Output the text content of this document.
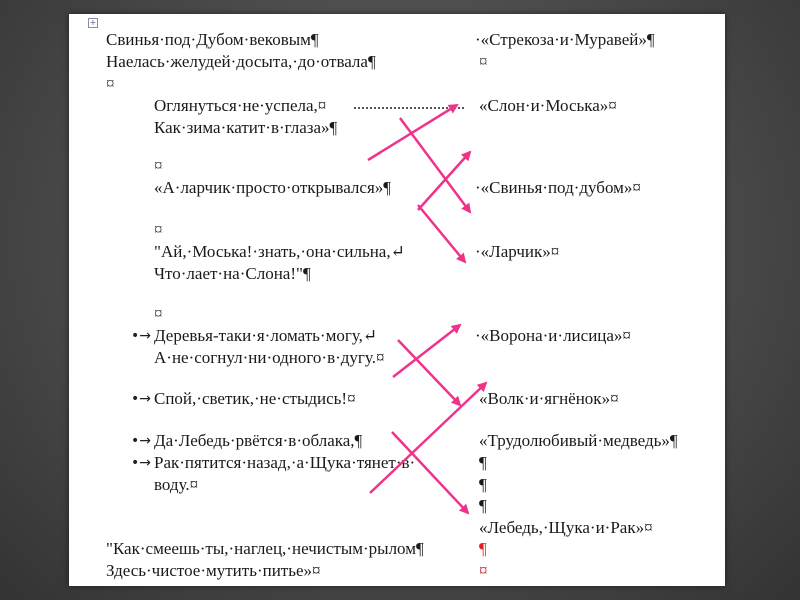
+
Свинья·под·Дубом·вековым¶
Наелась·желудей·досыта,·до·отвала¶
¤
Оглянуться·не·успела,¤
Как·зима·катит·в·глаза»¶
¤
«А·ларчик·просто·открывался»¶
¤
"Ай,·Моська!·знать,·она·сильна,↵
Что·лает·на·Слона!"¶
¤
•→ Деревья-таки·я·ломать·могу,↵
А·не·согнул·ни·одного·в·дугу.¤
•→ Спой,·светик,·не·стыдись!¤
•→ Да·Лебедь·рвётся·в·облака,¶
•→ Рак·пятится·назад,·а·Щука·тянет·в·
воду.¤
"Как·смеешь·ты,·наглец,·нечистым·рылом¶
Здесь·чистое·мутить·питье»¤
·«Стрекоза·и·Муравей»¶
¤
«Слон·и·Моська»¤
·«Свинья·под·дубом»¤
·«Ларчик»¤
·«Ворона·и·лисица»¤
«Волк·и·ягнёнок»¤
«Трудолюбивый·медведь»¶
¶
¶
¶
«Лебедь,·Щука·и·Рак»¤
¶
¤
